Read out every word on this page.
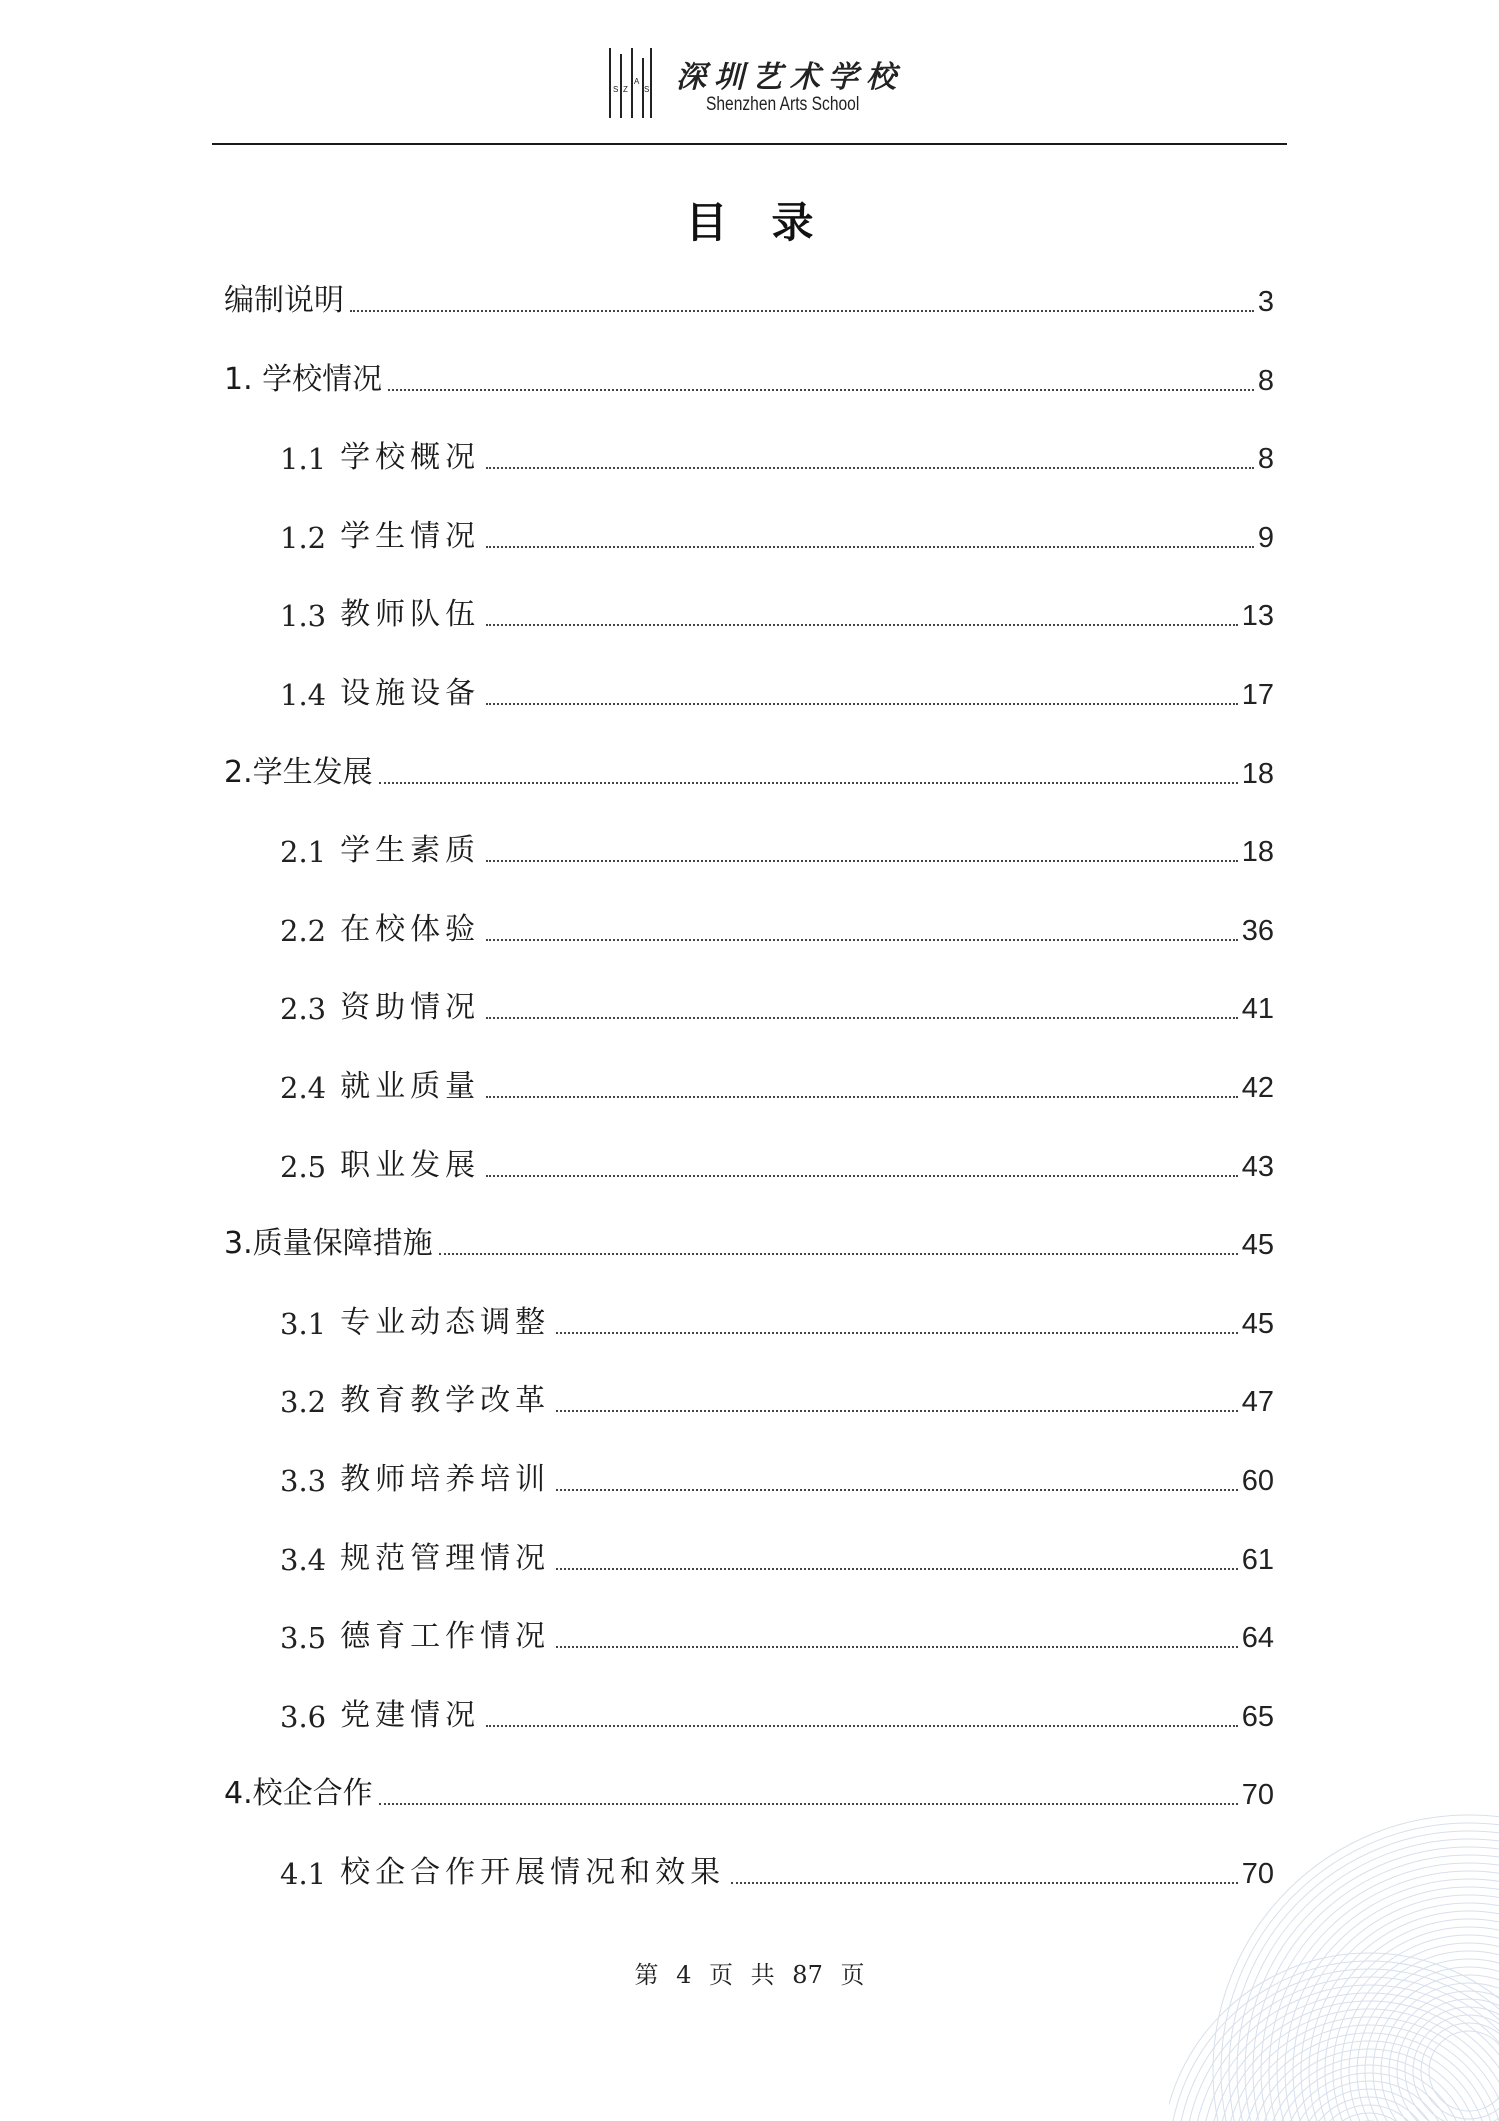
S Z
A
S 深圳艺术学校
Shenzhen Arts School
目录
编制说明	3
1. 学校情况	8
1.1 学校概况	8
1.2 学生情况	9
1.3 教师队伍	13
1.4 设施设备	17
2.学生发展	18
2.1 学生素质	18
2.2 在校体验	36
2.3 资助情况	41
2.4 就业质量	42
2.5 职业发展	43
3.质量保障措施	45
3.1 专业动态调整	45
3.2 教育教学改革	47
3.3 教师培养培训	60
3.4 规范管理情况	61
3.5 德育工作情况	64
3.6 党建情况	65
4.校企合作	70
4.1 校企合作开展情况和效果	70
第 4 页 共 87 页
